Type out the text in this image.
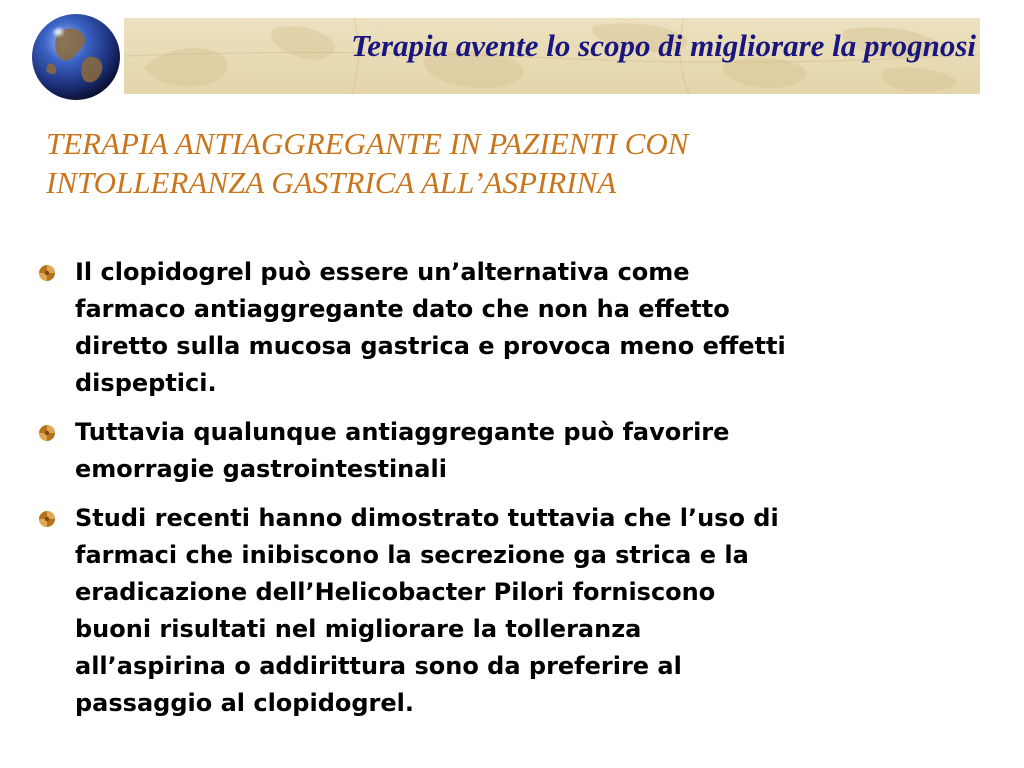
Terapia avente lo scopo di migliorare la prognosi
TERAPIA ANTIAGGREGANTE IN PAZIENTI CON
INTOLLERANZA GASTRICA ALL’ASPIRINA
Il clopidogrel può essere un’alternativa come
farmaco antiaggregante dato che non ha effetto
diretto sulla mucosa gastrica e provoca meno effetti
dispeptici.
Tuttavia qualunque antiaggregante può favorire
emorragie gastrointestinali
Studi recenti hanno dimostrato tuttavia che l’uso di
farmaci che inibiscono la secrezione ga strica e la
eradicazione dell’Helicobacter Pilori forniscono
buoni risultati nel migliorare la tolleranza
all’aspirina o addirittura sono da preferire al
passaggio al clopidogrel.
